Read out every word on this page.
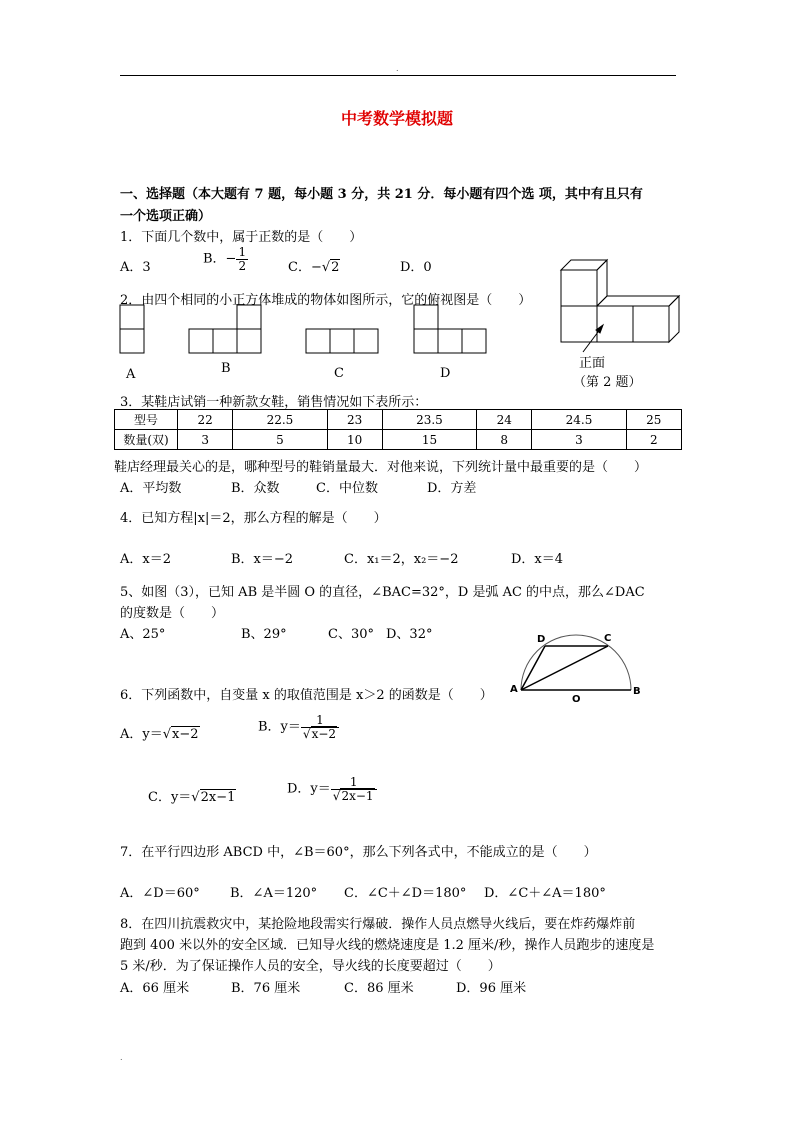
.
中考数学模拟题
一、选择题（本大题有 7 题，每小题 3 分，共 21 分．每小题有四个选 项，其中有且只有
一个选项正确）
1．下面几个数中，属于正数的是（　　）
A．3
B．− $\frac{1}{2}$	C．−√2	D．0
2．由四个相同的小正方体堆成的物体如图所示，它的俯视图是（　　）
A	B	C	D
正面
（第 2 题）
3．某鞋店试销一种新款女鞋，销售情况如下表所示：
型号	22	22.5	23	23.5	24	24.5	25
数量(双)	3	5	10	15	8	3	2
鞋店经理最关心的是，哪种型号的鞋销量最大．对他来说，下列统计量中最重要的是（　　）
A．平均数	B．众数	C．中位数	D．方差
4．已知方程|x|＝2，那么方程的解是（　　）
A．x＝2	B．x＝−2	C．x₁＝2，x₂＝−2	D．x＝4
5、如图（3），已知 AB 是半圆 O 的直径，∠BAC=32°，D 是弧 AC 的中点，那么∠DAC
的度数是（　　）
A、25°	B、29°	C、30° D、32°
A	B
C
D
O
6．下列函数中，自变量 x 的取值范围是 x＞2 的函数是（　　）
A．y＝√x−2	B．$y= \frac{1}{√x-2}$
C．y＝√2x−1
D．$y= \frac{1}{√2x-1}$
7．在平行四边形 ABCD 中，∠B＝60°，那么下列各式中，不能成立的是（　　）
A．∠D＝60° B．∠A＝120° C．∠C＋∠D＝180° D．∠C＋∠A＝180°
8．在四川抗震救灾中，某抢险地段需实行爆破．操作人员点燃导火线后，要在炸药爆炸前
跑到 400 米以外的安全区域．已知导火线的燃烧速度是 1.2 厘米/秒，操作人员跑步的速度是
5 米/秒．为了保证操作人员的安全，导火线的长度要超过（　　）
A．66 厘米	B．76 厘米	C．86 厘米	D．96 厘米
.
